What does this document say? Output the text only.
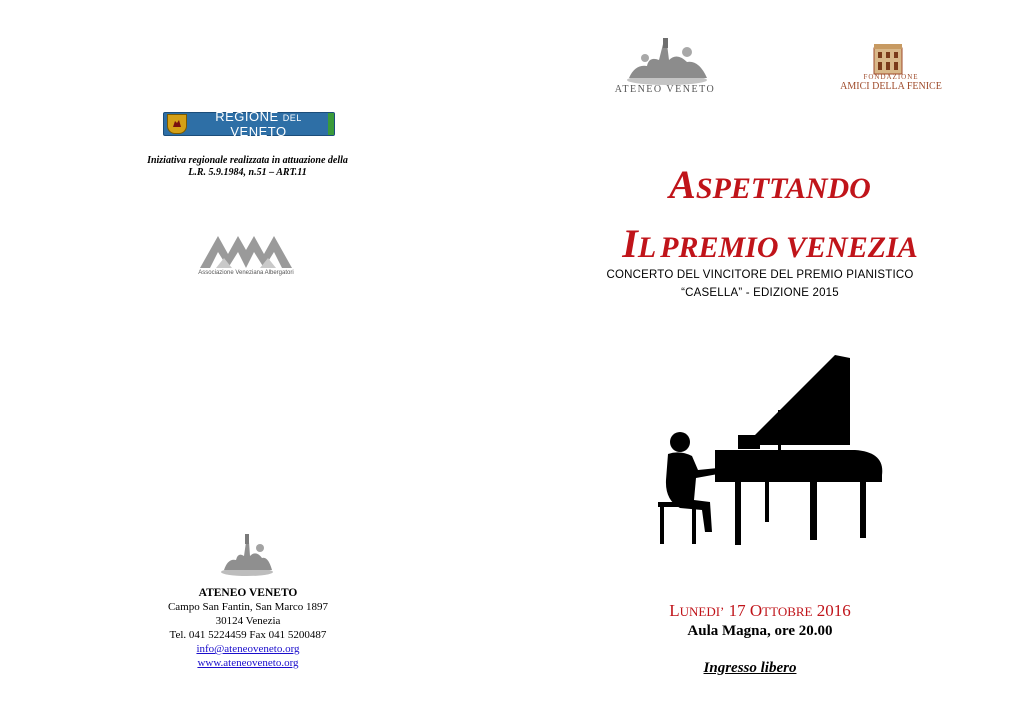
REGIONE DEL VENETO
Iniziativa regionale realizzata in attuazione della
L.R. 5.9.1984, n.51 – ART.11
Associazione Veneziana Albergatori
ATENEO VENETO
Campo San Fantin, San Marco 1897
30124 Venezia
Tel. 041 5224459 Fax 041 5200487
info@ateneoveneto.org
www.ateneoveneto.org
ATENEO VENETO
FONDAZIONE
AMICI DELLA FENICE
ASPETTANDO
IL PREMIO VENEZIA
CONCERTO DEL VINCITORE DEL PREMIO PIANISTICO
“CASELLA” - EDIZIONE 2015
LUNEDI’ 17 OTTOBRE 2016
Aula Magna, ore 20.00
Ingresso libero
